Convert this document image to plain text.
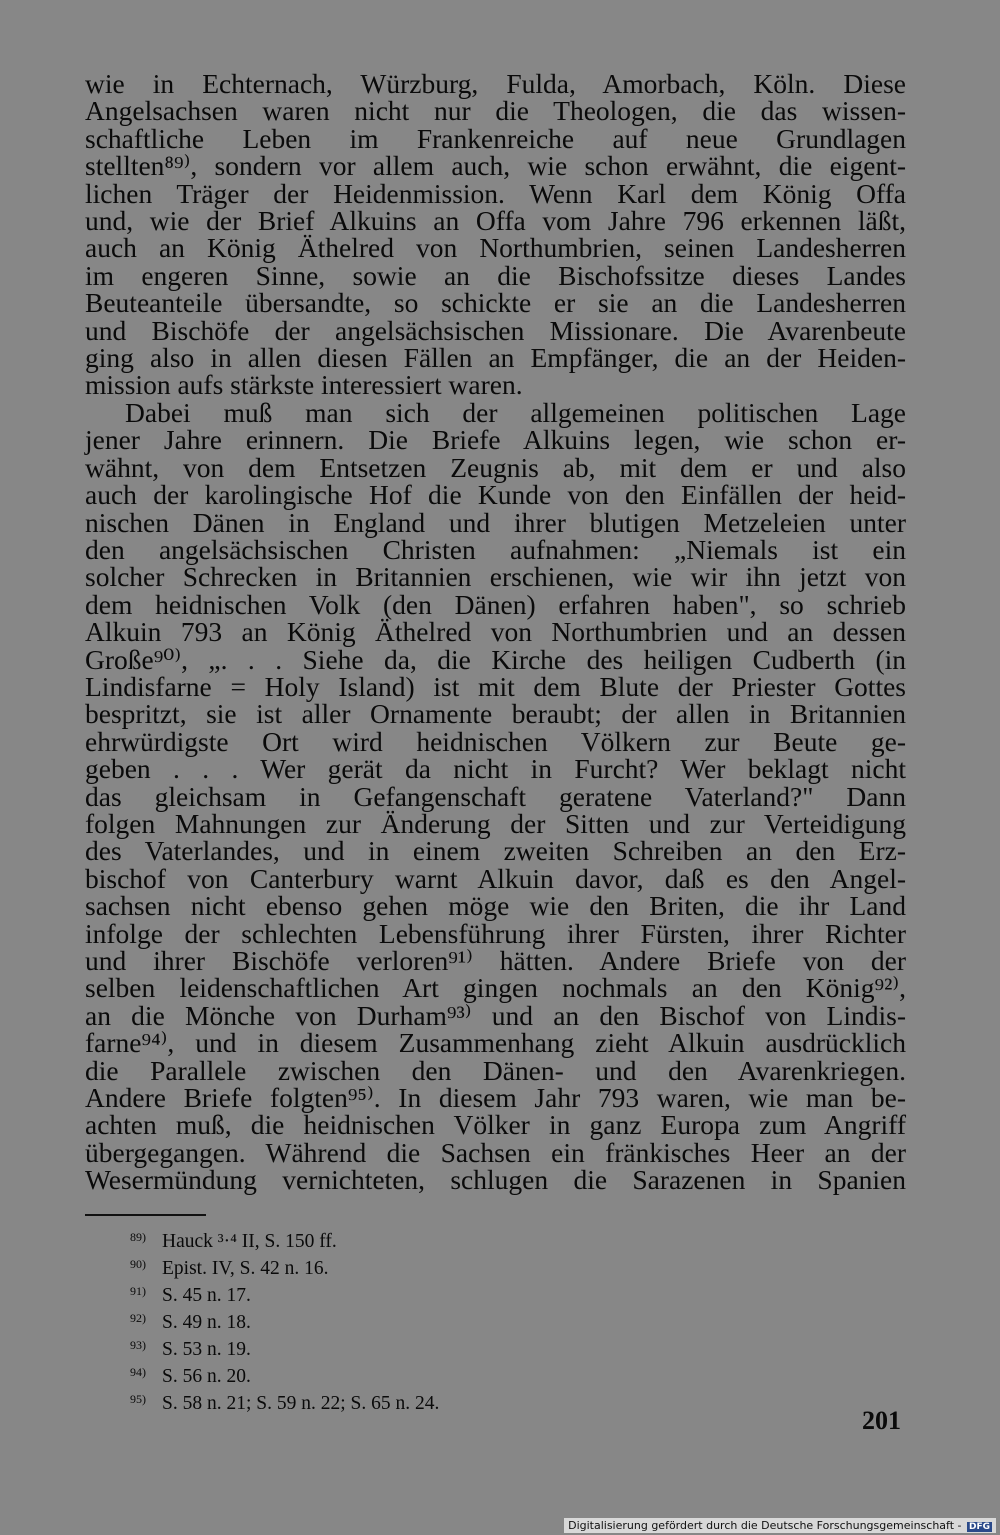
wie in Echternach, Würzburg, Fulda, Amorbach, Köln. Diese
Angelsachsen waren nicht nur die Theologen, die das wissen-
schaftliche Leben im Frankenreiche auf neue Grundlagen
stellten⁸⁹⁾, sondern vor allem auch, wie schon erwähnt, die eigent-
lichen Träger der Heidenmission. Wenn Karl dem König Offa
und, wie der Brief Alkuins an Offa vom Jahre 796 erkennen läßt,
auch an König Äthelred von Northumbrien, seinen Landesherren
im engeren Sinne, sowie an die Bischofssitze dieses Landes
Beuteanteile übersandte, so schickte er sie an die Landesherren
und Bischöfe der angelsächsischen Missionare. Die Avarenbeute
ging also in allen diesen Fällen an Empfänger, die an der Heiden-
mission aufs stärkste interessiert waren.
Dabei muß man sich der allgemeinen politischen Lage
jener Jahre erinnern. Die Briefe Alkuins legen, wie schon er-
wähnt, von dem Entsetzen Zeugnis ab, mit dem er und also
auch der karolingische Hof die Kunde von den Einfällen der heid-
nischen Dänen in England und ihrer blutigen Metzeleien unter
den angelsächsischen Christen aufnahmen: „Niemals ist ein
solcher Schrecken in Britannien erschienen, wie wir ihn jetzt von
dem heidnischen Volk (den Dänen) erfahren haben", so schrieb
Alkuin 793 an König Äthelred von Northumbrien und an dessen
Große⁹⁰⁾, „. . . Siehe da, die Kirche des heiligen Cudberth (in
Lindisfarne = Holy Island) ist mit dem Blute der Priester Gottes
bespritzt, sie ist aller Ornamente beraubt; der allen in Britannien
ehrwürdigste Ort wird heidnischen Völkern zur Beute ge-
geben . . . Wer gerät da nicht in Furcht? Wer beklagt nicht
das gleichsam in Gefangenschaft geratene Vaterland?" Dann
folgen Mahnungen zur Änderung der Sitten und zur Verteidigung
des Vaterlandes, und in einem zweiten Schreiben an den Erz-
bischof von Canterbury warnt Alkuin davor, daß es den Angel-
sachsen nicht ebenso gehen möge wie den Briten, die ihr Land
infolge der schlechten Lebensführung ihrer Fürsten, ihrer Richter
und ihrer Bischöfe verloren⁹¹⁾ hätten. Andere Briefe von der
selben leidenschaftlichen Art gingen nochmals an den König⁹²⁾,
an die Mönche von Durham⁹³⁾ und an den Bischof von Lindis-
farne⁹⁴⁾, und in diesem Zusammenhang zieht Alkuin ausdrücklich
die Parallele zwischen den Dänen- und den Avarenkriegen.
Andere Briefe folgten⁹⁵⁾. In diesem Jahr 793 waren, wie man be-
achten muß, die heidnischen Völker in ganz Europa zum Angriff
übergegangen. Während die Sachsen ein fränkisches Heer an der
Wesermündung vernichteten, schlugen die Sarazenen in Spanien
89) Hauck ³·⁴ II, S. 150 ff.
90) Epist. IV, S. 42 n. 16.
91) S. 45 n. 17.
92) S. 49 n. 18.
93) S. 53 n. 19.
94) S. 56 n. 20.
95) S. 58 n. 21; S. 59 n. 22; S. 65 n. 24.
201
Digitalisierung gefördert durch die Deutsche Forschungsgemeinschaft - DFG
